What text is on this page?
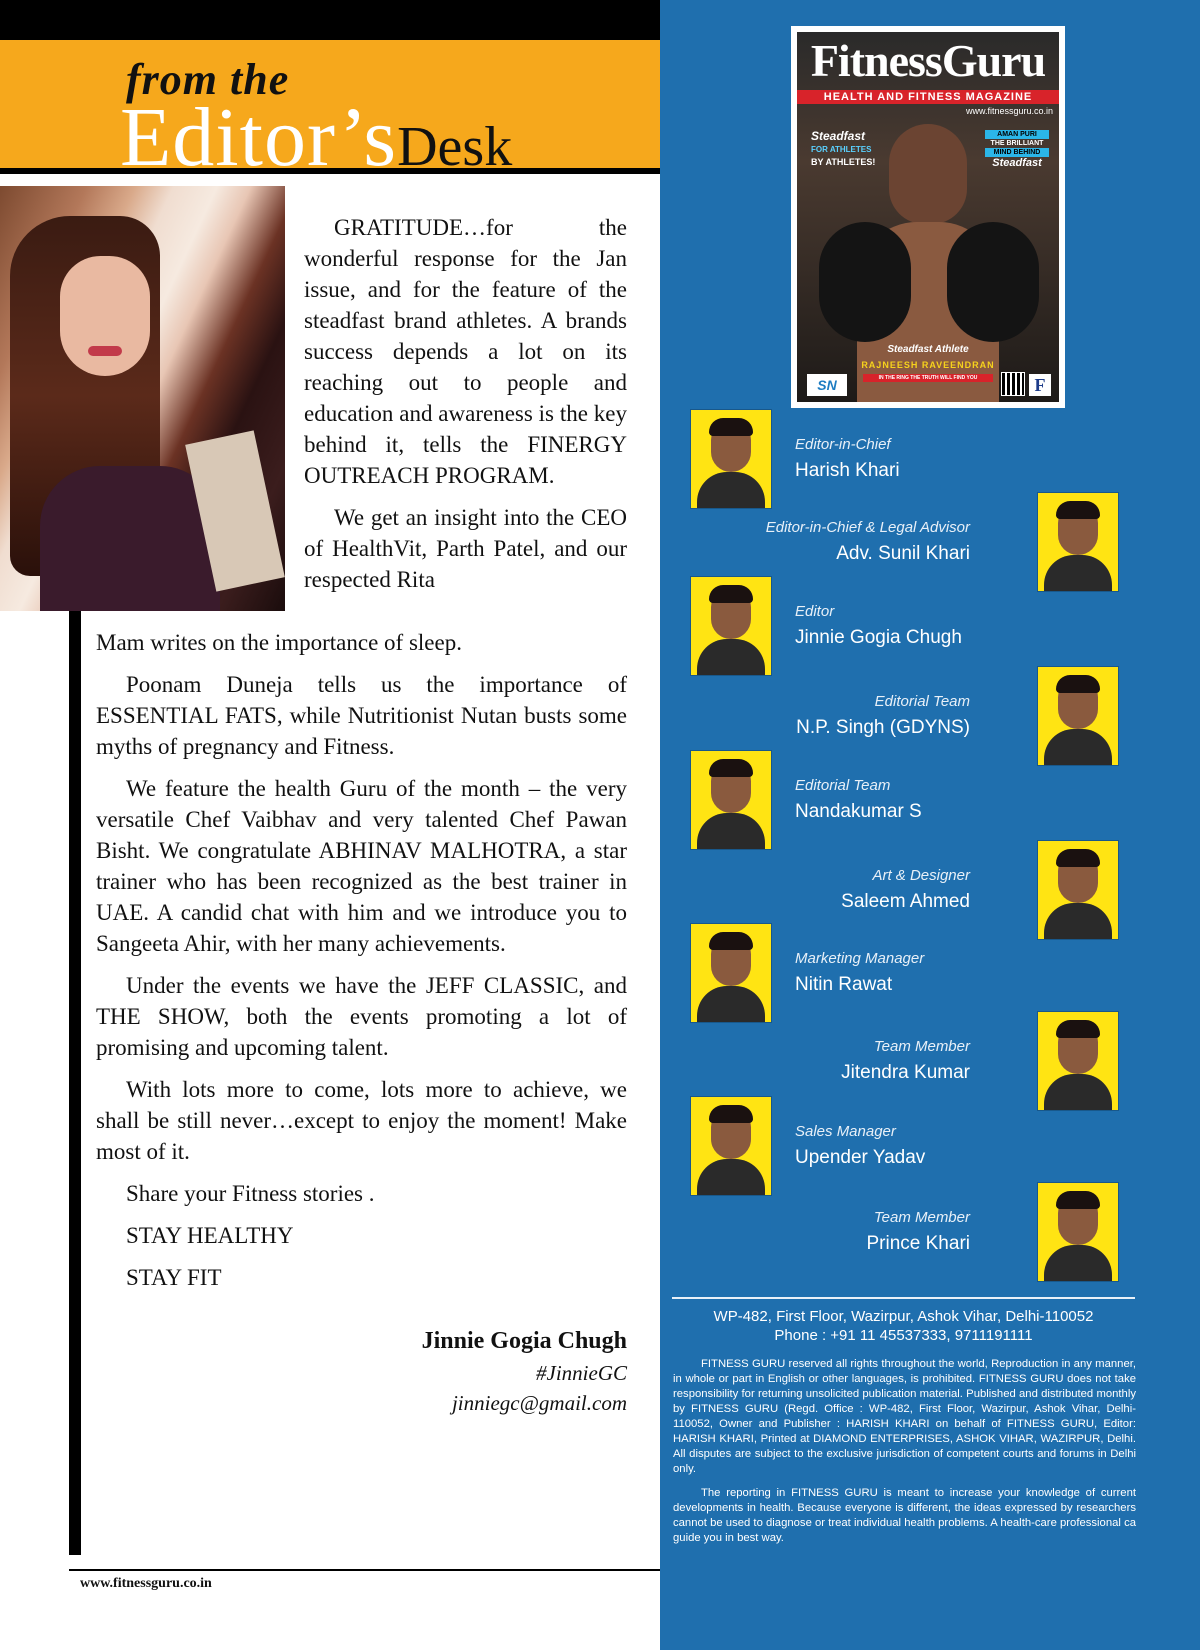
from the
Editor’sDesk

GRATITUDE…for the wonderful response for the Jan issue, and for the feature of the steadfast brand athletes. A brands success depends a lot on its reaching out to people and education and awareness is the key behind it, tells the FINERGY OUTREACH PROGRAM.

We get an insight into the CEO of HealthVit, Parth Patel, and our respected Rita

Mam writes on the importance of sleep.

Poonam Duneja tells us the importance of ESSENTIAL FATS, while Nutritionist Nutan busts some myths of pregnancy and Fitness.

We feature the health Guru of the month – the very versatile Chef Vaibhav and very talented Chef Pawan Bisht. We congratulate ABHINAV MALHOTRA, a star trainer who has been recognized as the best trainer in UAE. A candid chat with him and we introduce you to Sangeeta Ahir, with her many achievements.

Under the events we have the JEFF CLASSIC, and THE SHOW, both the events promoting a lot of promising and upcoming talent.

With lots more to come, lots more to achieve, we shall be still never…except to enjoy the moment! Make most of it.

Share your Fitness stories .

STAY HEALTHY

STAY FIT

Jinnie Gogia Chugh
#JinnieGC
jinniegc@gmail.com
www.fitnessguru.co.in
FitnessGuru
HEALTH AND FITNESS MAGAZINE
www.fitnessguru.co.in
Steadfast
FOR ATHLETES
BY ATHLETES!
AMAN PURI
THE BRILLIANT
MIND BEHIND
Steadfast
Steadfast Athlete
RAJNEESH RAVEENDRAN
IN THE RING THE TRUTH WILL FIND YOU
SN	F
Editor-in-Chief
Harish Khari
Editor-in-Chief & Legal Advisor
Adv. Sunil Khari
Editor
Jinnie Gogia Chugh
Editorial Team
N.P. Singh (GDYNS)
Editorial Team
Nandakumar S
Art & Designer
Saleem Ahmed
Marketing Manager
Nitin Rawat
Team Member
Jitendra Kumar
Sales Manager
Upender Yadav
Team Member
Prince Khari
WP-482, First Floor, Wazirpur, Ashok Vihar, Delhi-110052
Phone : +91 11 45537333, 9711191111

FITNESS GURU reserved all rights throughout the world, Reproduction in any manner, in whole or part in English or other languages, is prohibited. FITNESS GURU does not take responsibility for returning unsolicited publication material. Published and distributed monthly by FITNESS GURU (Regd. Office : WP-482, First Floor, Wazirpur, Ashok Vihar, Delhi-110052, Owner and Publisher : HARISH KHARI on behalf of FITNESS GURU, Editor: HARISH KHARI, Printed at DIAMOND ENTERPRISES, ASHOK VIHAR, WAZIRPUR, Delhi. All disputes are subject to the exclusive jurisdiction of competent courts and forums in Delhi only.

The reporting in FITNESS GURU is meant to increase your knowledge of current developments in health. Because everyone is different, the ideas expressed by researchers cannot be used to diagnose or treat individual health problems. A health-care professional ca guide you in best way.
